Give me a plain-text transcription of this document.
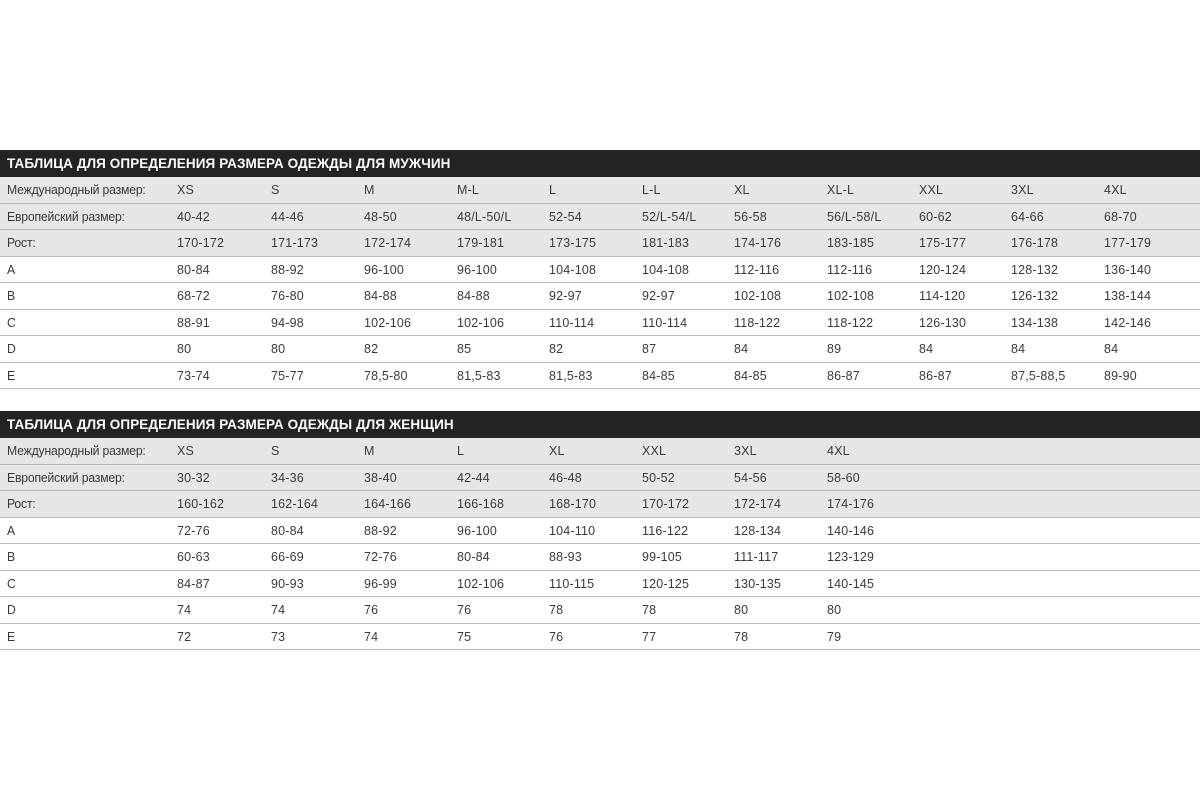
ТАБЛИЦА ДЛЯ ОПРЕДЕЛЕНИЯ РАЗМЕРА ОДЕЖДЫ ДЛЯ МУЖЧИН
Международный размер:	XS	S	M	M-L	L	L-L	XL	XL-L	XXL	3XL	4XL
Европейский размер:	40-42	44-46	48-50	48/L-50/L	52-54	52/L-54/L	56-58	56/L-58/L	60-62	64-66	68-70
Рост:	170-172	171-173	172-174	179-181	173-175	181-183	174-176	183-185	175-177	176-178	177-179
A	80-84	88-92	96-100	96-100	104-108	104-108	112-116	112-116	120-124	128-132	136-140
B	68-72	76-80	84-88	84-88	92-97	92-97	102-108	102-108	114-120	126-132	138-144
C	88-91	94-98	102-106	102-106	110-114	110-114	118-122	118-122	126-130	134-138	142-146
D	80	80	82	85	82	87	84	89	84	84	84
E	73-74	75-77	78,5-80	81,5-83	81,5-83	84-85	84-85	86-87	86-87	87,5-88,5	89-90
ТАБЛИЦА ДЛЯ ОПРЕДЕЛЕНИЯ РАЗМЕРА ОДЕЖДЫ ДЛЯ ЖЕНЩИН
Международный размер:	XS	S	M	L	XL	XXL	3XL	4XL
Европейский размер:	30-32	34-36	38-40	42-44	46-48	50-52	54-56	58-60
Рост:	160-162	162-164	164-166	166-168	168-170	170-172	172-174	174-176
A	72-76	80-84	88-92	96-100	104-110	116-122	128-134	140-146
B	60-63	66-69	72-76	80-84	88-93	99-105	111-117	123-129
C	84-87	90-93	96-99	102-106	110-115	120-125	130-135	140-145
D	74	74	76	76	78	78	80	80
E	72	73	74	75	76	77	78	79
